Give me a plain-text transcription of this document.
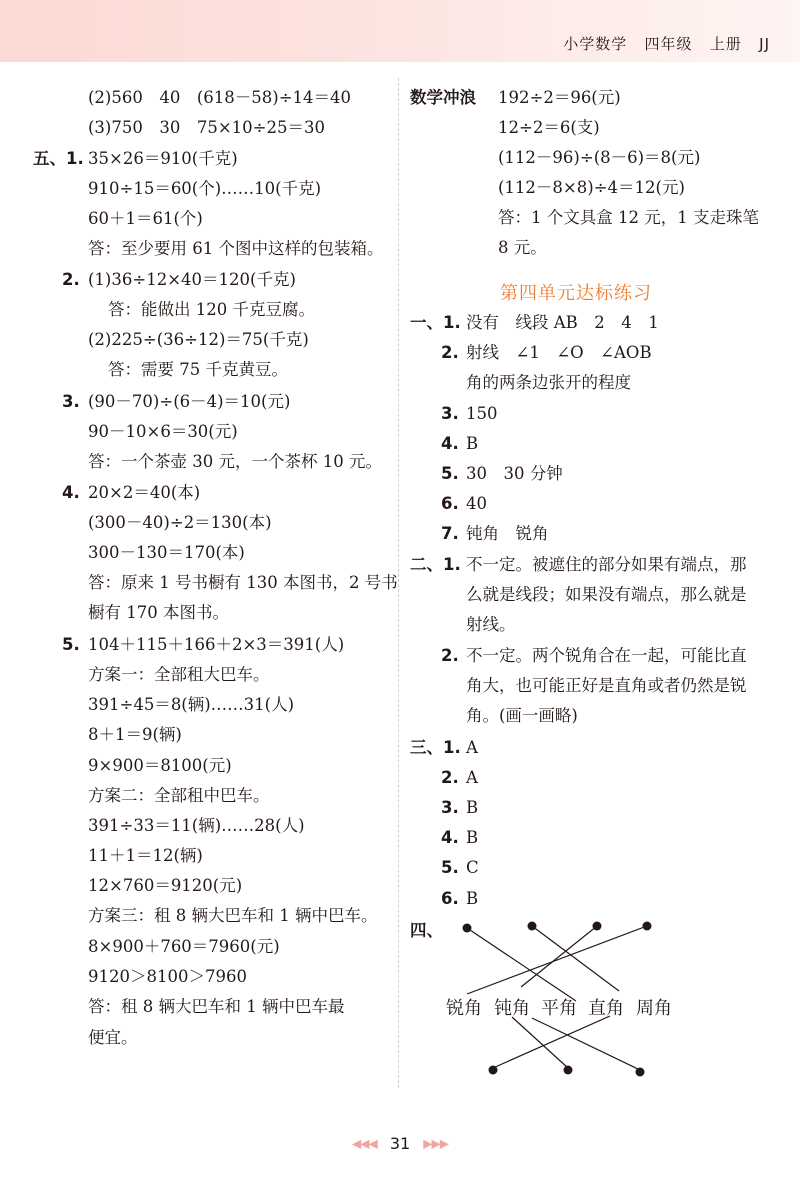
小学数学   四年级   上册   JJ
(2)560　40　(618－58)÷14＝40
(3)750　30　75×10÷25＝30
五、1. 35×26＝910(千克)
910÷15＝60(个)……10(千克)
60＋1＝61(个)
答：至少要用 61 个图中这样的包装箱。
2. (1)36÷12×40＝120(千克)
答：能做出 120 千克豆腐。
(2)225÷(36÷12)＝75(千克)
答：需要 75 千克黄豆。
3. (90－70)÷(6－4)＝10(元)
90－10×6＝30(元)
答：一个茶壶 30 元，一个茶杯 10 元。
4. 20×2＝40(本)
(300－40)÷2＝130(本)
300－130＝170(本)
答：原来 1 号书橱有 130 本图书，2 号书
橱有 170 本图书。
5. 104＋115＋166＋2×3＝391(人)
方案一：全部租大巴车。
391÷45＝8(辆)……31(人)
8＋1＝9(辆)
9×900＝8100(元)
方案二：全部租中巴车。
391÷33＝11(辆)……28(人)
11＋1＝12(辆)
12×760＝9120(元)
方案三：租 8 辆大巴车和 1 辆中巴车。
8×900＋760＝7960(元)
9120＞8100＞7960
答：租 8 辆大巴车和 1 辆中巴车最
便宜。
数学冲浪 192÷2＝96(元)
12÷2＝6(支)
(112－96)÷(8－6)＝8(元)
(112－8×8)÷4＝12(元)
答：1 个文具盒 12 元，1 支走珠笔
8 元。
第四单元达标练习
一、1. 没有　线段 AB　2　4　1
2. 射线　∠1　∠O　∠AOB
角的两条边张开的程度
3. 150
4. B
5. 30　30 分钟
6. 40
7. 钝角　锐角
二、1. 不一定。被遮住的部分如果有端点，那
么就是线段；如果没有端点，那么就是
射线。
2. 不一定。两个锐角合在一起，可能比直
角大，也可能正好是直角或者仍然是锐
角。(画一画略)
三、1. A
2. A
3. B
4. B
5. C
6. B
四、
锐角 钝角 平角 直角 周角
◀◀◀ 31 ▶▶▶
